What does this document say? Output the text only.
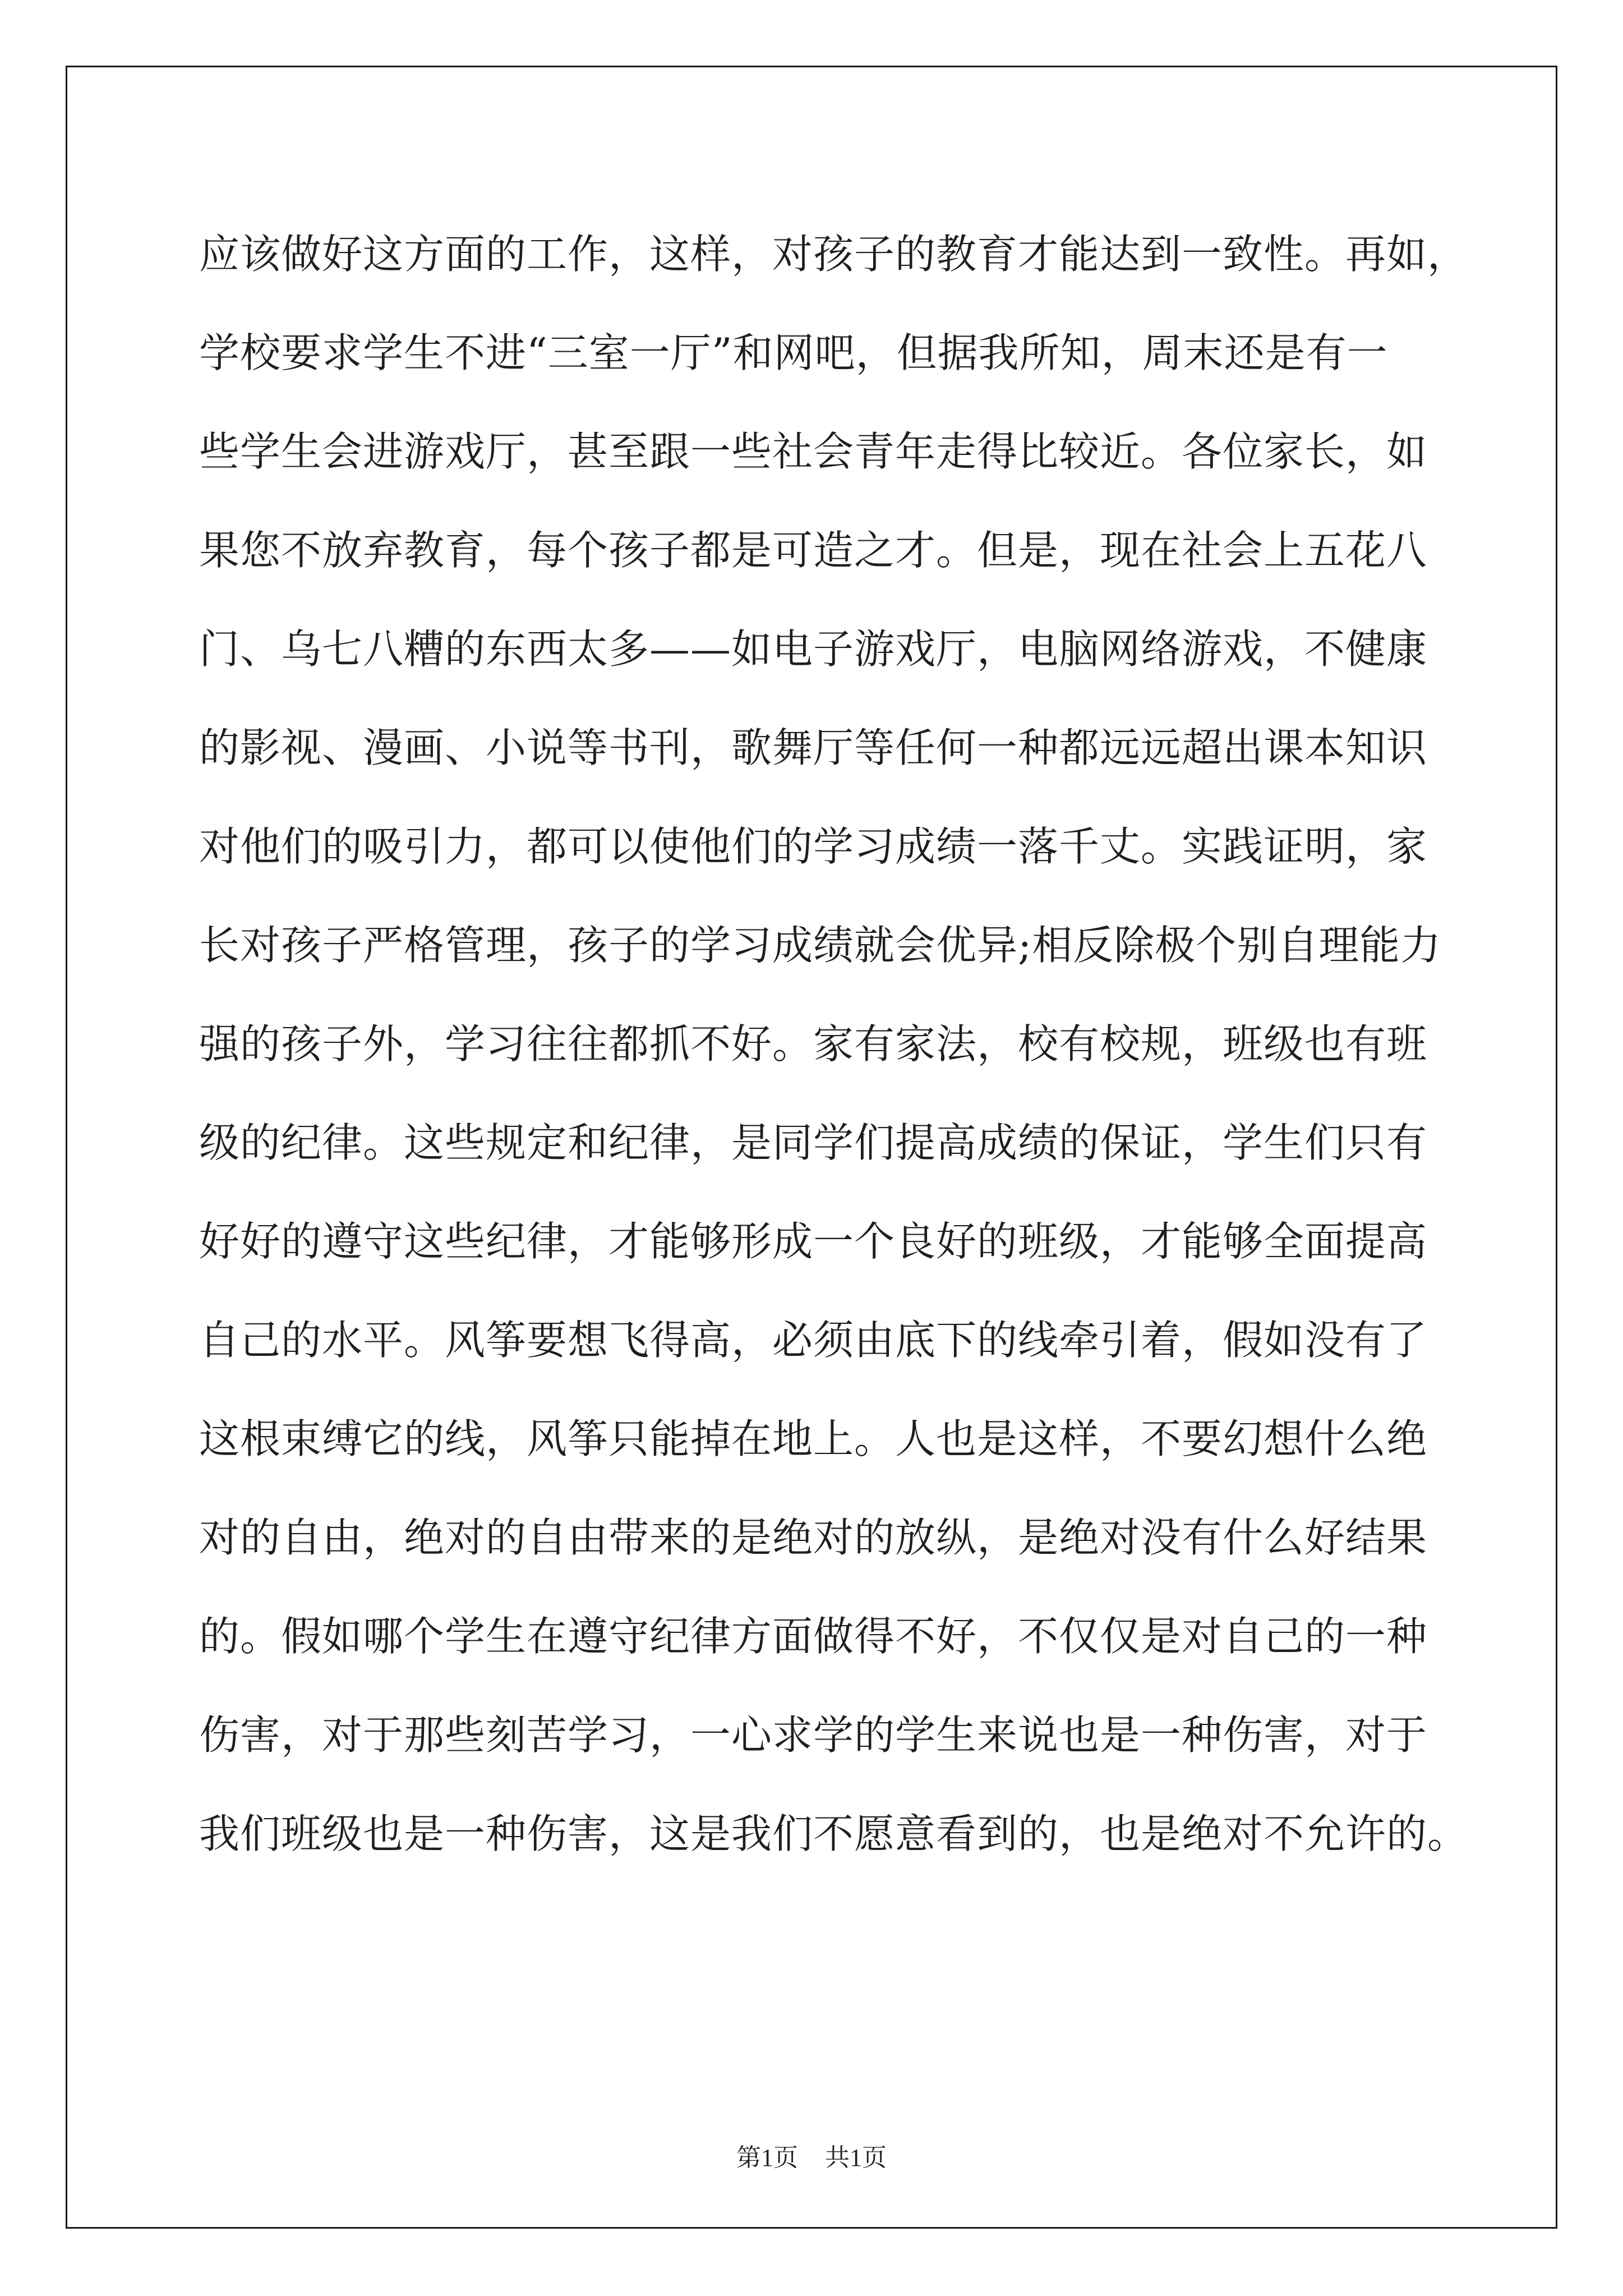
应该做好这方面的工作，这样，对孩子的教育才能达到一致性。再如，
学校要求学生不进“三室一厅”和网吧，但据我所知，周末还是有一
些学生会进游戏厅，甚至跟一些社会青年走得比较近。各位家长，如
果您不放弃教育，每个孩子都是可造之才。但是，现在社会上五花八
门、乌七八糟的东西太多——如电子游戏厅，电脑网络游戏，不健康
的影视、漫画、小说等书刊，歌舞厅等任何一种都远远超出课本知识
对他们的吸引力，都可以使他们的学习成绩一落千丈。实践证明，家
长对孩子严格管理，孩子的学习成绩就会优异;相反除极个别自理能力
强的孩子外，学习往往都抓不好。家有家法，校有校规，班级也有班
级的纪律。这些规定和纪律，是同学们提高成绩的保证，学生们只有
好好的遵守这些纪律，才能够形成一个良好的班级，才能够全面提高
自己的水平。风筝要想飞得高，必须由底下的线牵引着，假如没有了
这根束缚它的线，风筝只能掉在地上。人也是这样，不要幻想什么绝
对的自由，绝对的自由带来的是绝对的放纵，是绝对没有什么好结果
的。假如哪个学生在遵守纪律方面做得不好，不仅仅是对自己的一种
伤害，对于那些刻苦学习，一心求学的学生来说也是一种伤害，对于
我们班级也是一种伤害，这是我们不愿意看到的，也是绝对不允许的。
第1页 共1页
